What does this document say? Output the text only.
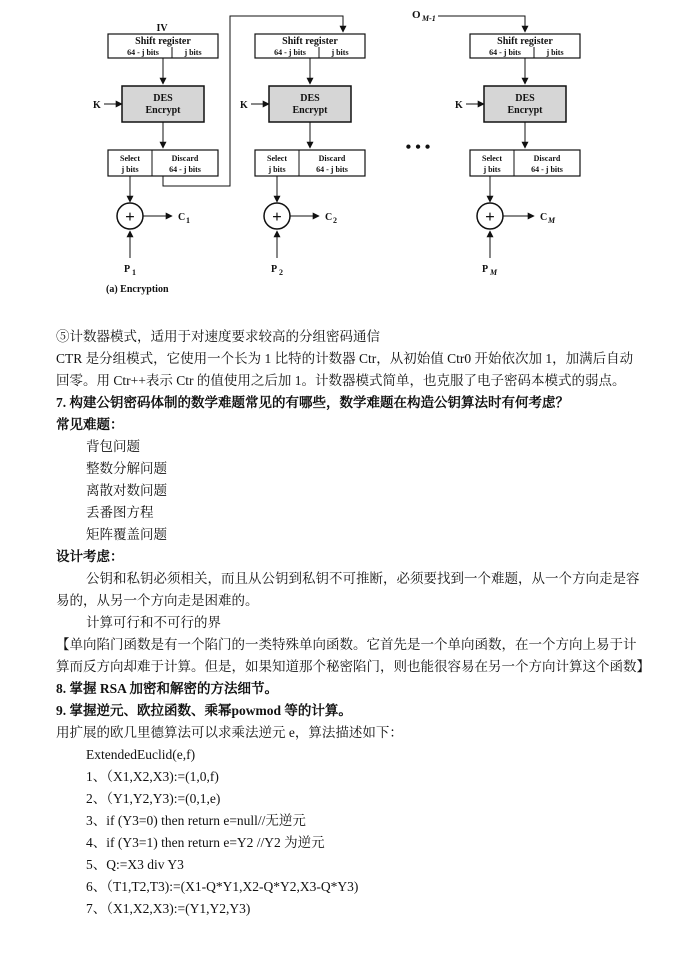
IV
Shift register
64 - j bits	j bits
K
DES
Encrypt
Select
j bits
Discard
64 - j bits
+	C 1
P 1
(a) Encryption
Shift register
64 - j bits	j bits
K
DES
Encrypt
Select
j bits
Discard
64 - j bits
+	C 2
P 2
• • •
O M-1
Shift register
64 - j bits	j bits
K
DES
Encrypt
Select
j bits
Discard
64 - j bits
+	C M
P M

⑤计数器模式，适用于对速度要求较高的分组密码通信

CTR 是分组模式，它使用一个长为 1 比特的计数器 Ctr，从初始值 Ctr0 开始依次加 1，加满后自动回零。用 Ctr++表示 Ctr 的值使用之后加 1。计数器模式简单，也克服了电子密码本模式的弱点。

7. 构建公钥密码体制的数学难题常见的有哪些，数学难题在构造公钥算法时有何考虑？

常见难题：

背包问题

整数分解问题

离散对数问题

丢番图方程

矩阵覆盖问题

设计考虑：

公钥和私钥必须相关，而且从公钥到私钥不可推断，必须要找到一个难题，从一个方向走是容易的，从另一个方向走是困难的。

计算可行和不可行的界

【单向陷门函数是有一个陷门的一类特殊单向函数。它首先是一个单向函数，在一个方向上易于计算而反方向却难于计算。但是，如果知道那个秘密陷门，则也能很容易在另一个方向计算这个函数】

8. 掌握 RSA 加密和解密的方法细节。

9. 掌握逆元、欧拉函数、乘幂powmod 等的计算。

用扩展的欧几里德算法可以求乘法逆元 e，算法描述如下：

ExtendedEuclid(e,f)

1、（X1,X2,X3):=(1,0,f)

2、（Y1,Y2,Y3):=(0,1,e)

3、if (Y3=0) then return e=null//无逆元

4、if (Y3=1) then return e=Y2 //Y2 为逆元

5、Q:=X3 div Y3

6、（T1,T2,T3):=(X1-Q*Y1,X2-Q*Y2,X3-Q*Y3)

7、（X1,X2,X3):=(Y1,Y2,Y3)
